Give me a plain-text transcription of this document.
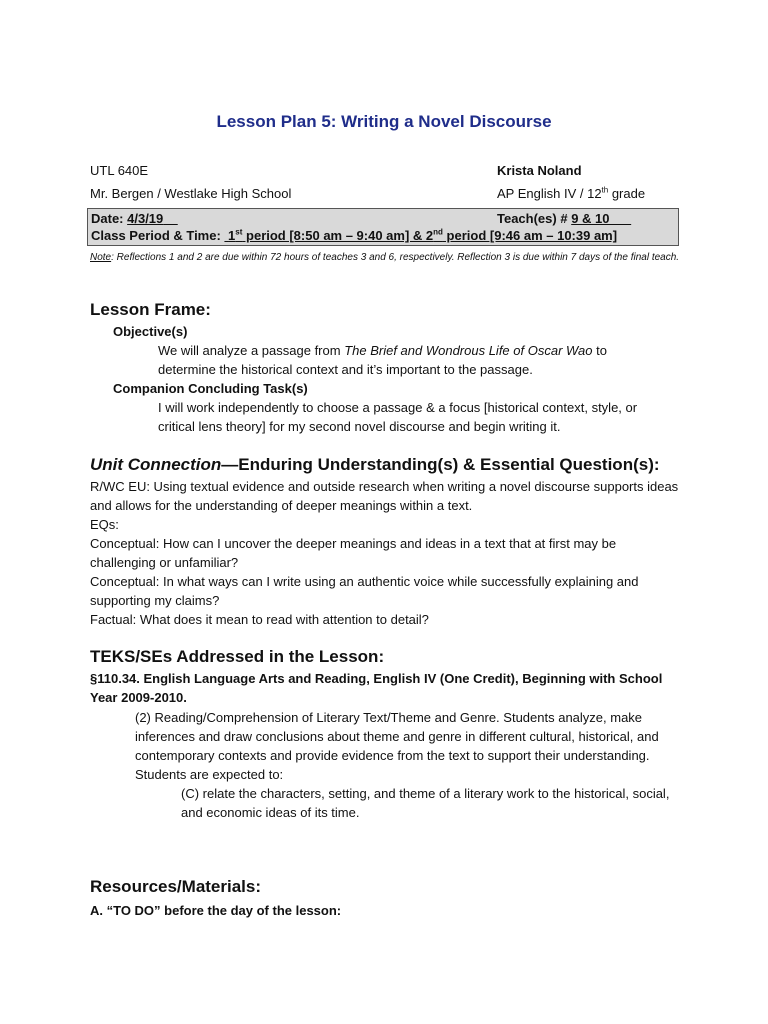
Lesson Plan 5: Writing a Novel Discourse
UTL 640E	Krista Noland
Mr. Bergen / Westlake High School	AP English IV / 12th grade
Date: 4/3/19	Teach(es) # 9 & 10
Class Period & Time:  1st period [8:50 am – 9:40 am] & 2nd period [9:46 am – 10:39 am]
Note: Reflections 1 and 2 are due within 72 hours of teaches 3 and 6, respectively. Reflection 3 is due within 7 days of the final teach.
Lesson Frame:
Objective(s)
We will analyze a passage from The Brief and Wondrous Life of Oscar Wao to determine the historical context and it’s important to the passage.
Companion Concluding Task(s)
I will work independently to choose a passage & a focus [historical context, style, or critical lens theory] for my second novel discourse and begin writing it.
Unit Connection—Enduring Understanding(s) & Essential Question(s):
R/WC EU: Using textual evidence and outside research when writing a novel discourse supports ideas and allows for the understanding of deeper meanings within a text.
EQs:
Conceptual: How can I uncover the deeper meanings and ideas in a text that at first may be challenging or unfamiliar?
Conceptual: In what ways can I write using an authentic voice while successfully explaining and supporting my claims?
Factual: What does it mean to read with attention to detail?
TEKS/SEs Addressed in the Lesson:
§110.34. English Language Arts and Reading, English IV (One Credit), Beginning with School Year 2009-2010.
(2) Reading/Comprehension of Literary Text/Theme and Genre. Students analyze, make inferences and draw conclusions about theme and genre in different cultural, historical, and contemporary contexts and provide evidence from the text to support their understanding. Students are expected to:
(C) relate the characters, setting, and theme of a literary work to the historical, social, and economic ideas of its time.
Resources/Materials:
A. “TO DO” before the day of the lesson:
